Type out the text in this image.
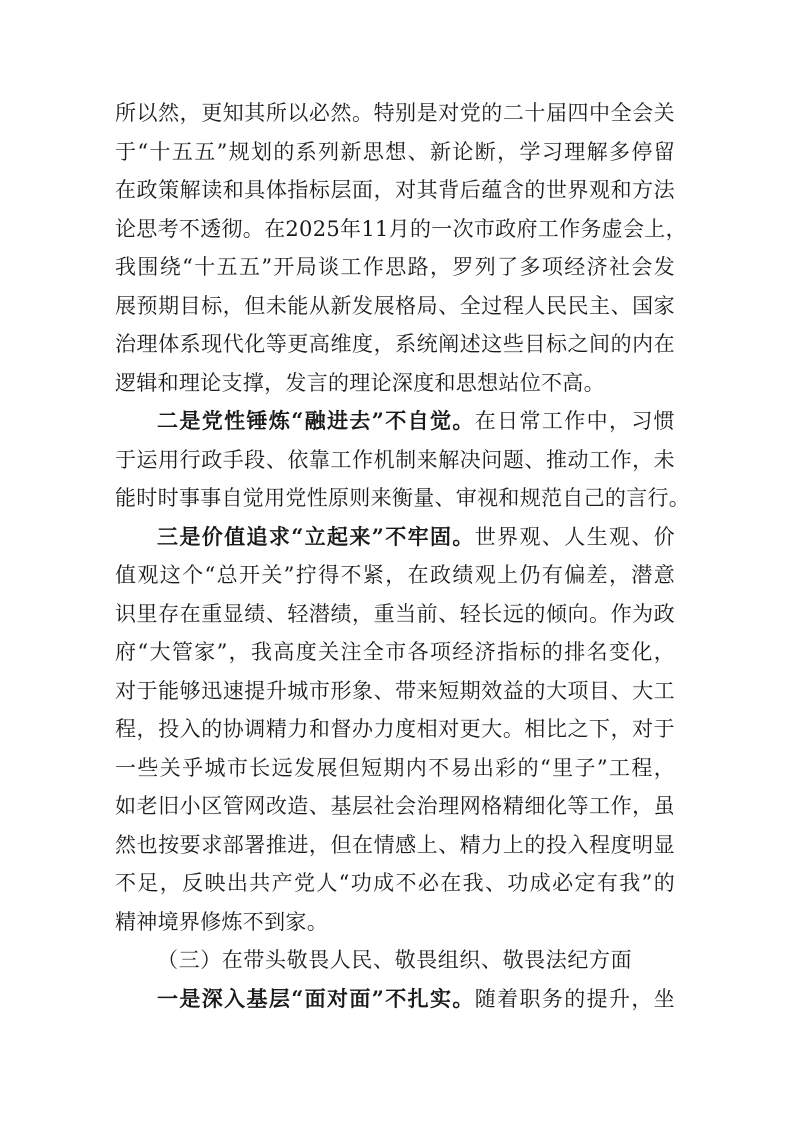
所以然，更知其所以必然。特别是对党的二十届四中全会关
于“十五五”规划的系列新思想、新论断，学习理解多停留
在政策解读和具体指标层面，对其背后蕴含的世界观和方法
论思考不透彻。在2025年11月的一次市政府工作务虚会上，
我围绕“十五五”开局谈工作思路，罗列了多项经济社会发
展预期目标，但未能从新发展格局、全过程人民民主、国家
治理体系现代化等更高维度，系统阐述这些目标之间的内在
逻辑和理论支撑，发言的理论深度和思想站位不高。
二是党性锤炼“融进去”不自觉。在日常工作中，习惯
于运用行政手段、依靠工作机制来解决问题、推动工作，未
能时时事事自觉用党性原则来衡量、审视和规范自己的言行。
三是价值追求“立起来”不牢固。世界观、人生观、价
值观这个“总开关”拧得不紧，在政绩观上仍有偏差，潜意
识里存在重显绩、轻潜绩，重当前、轻长远的倾向。作为政
府“大管家”，我高度关注全市各项经济指标的排名变化，
对于能够迅速提升城市形象、带来短期效益的大项目、大工
程，投入的协调精力和督办力度相对更大。相比之下，对于
一些关乎城市长远发展但短期内不易出彩的“里子”工程，
如老旧小区管网改造、基层社会治理网格精细化等工作，虽
然也按要求部署推进，但在情感上、精力上的投入程度明显
不足，反映出共产党人“功成不必在我、功成必定有我”的
精神境界修炼不到家。
（三）在带头敬畏人民、敬畏组织、敬畏法纪方面
一是深入基层“面对面”不扎实。随着职务的提升，坐
